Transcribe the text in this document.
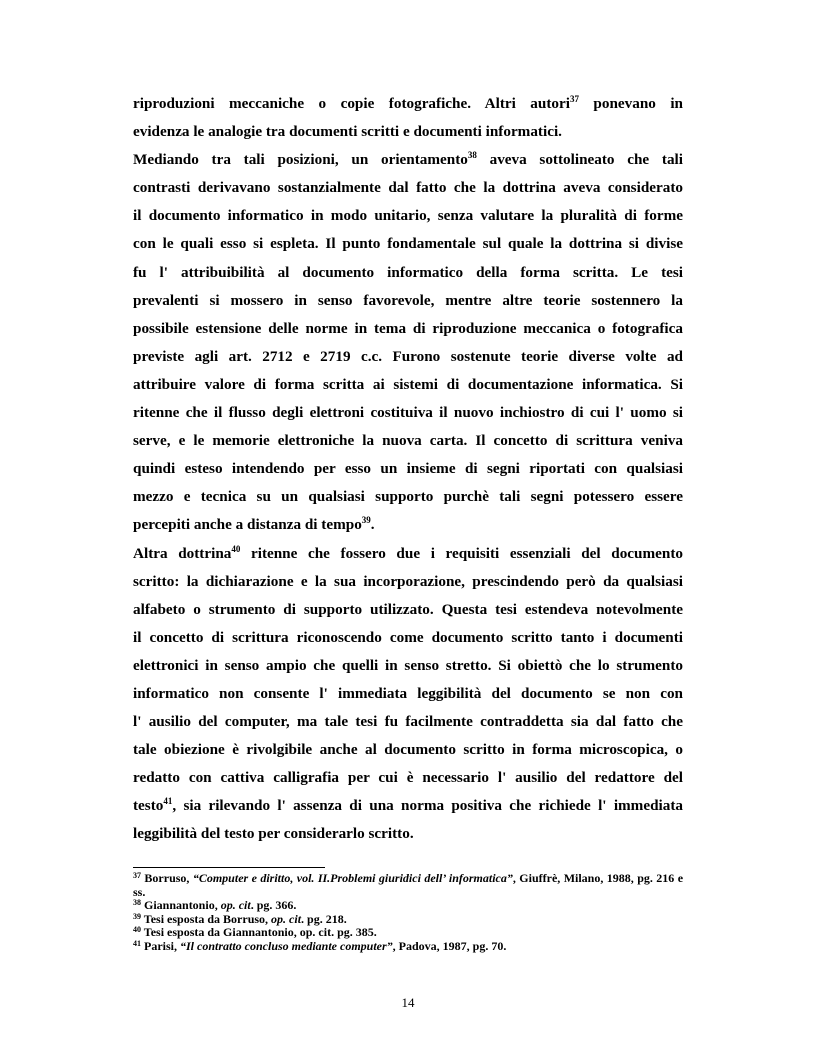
riproduzioni meccaniche o copie fotografiche. Altri autori$^{37}$ ponevano in
evidenza le analogie tra documenti scritti e documenti informatici.
Mediando tra tali posizioni, un orientamento$^{38}$ aveva sottolineato che tali
contrasti derivavano sostanzialmente dal fatto che la dottrina aveva considerato
il documento informatico in modo unitario, senza valutare la pluralità di forme
con le quali esso si espleta. Il punto fondamentale sul quale la dottrina si divise
fu l' attribuibilità al documento informatico della forma scritta. Le tesi
prevalenti si mossero in senso favorevole, mentre altre teorie sostennero la
possibile estensione delle norme in tema di riproduzione meccanica o fotografica
previste agli art. 2712 e 2719 c.c. Furono sostenute teorie diverse volte ad
attribuire valore di forma scritta ai sistemi di documentazione informatica. Si
ritenne che il flusso degli elettroni costituiva il nuovo inchiostro di cui l' uomo si
serve, e le memorie elettroniche la nuova carta. Il concetto di scrittura veniva
quindi esteso intendendo per esso un insieme di segni riportati con qualsiasi
mezzo e tecnica su un qualsiasi supporto purchè tali segni potessero essere
percepiti anche a distanza di tempo$^{39}$.
Altra dottrina$^{40}$ ritenne che fossero due i requisiti essenziali del documento
scritto: la dichiarazione e la sua incorporazione, prescindendo però da qualsiasi
alfabeto o strumento di supporto utilizzato. Questa tesi estendeva notevolmente
il concetto di scrittura riconoscendo come documento scritto tanto i documenti
elettronici in senso ampio che quelli in senso stretto. Si obiettò che lo strumento
informatico non consente l' immediata leggibilità del documento se non con
l' ausilio del computer, ma tale tesi fu facilmente contraddetta sia dal fatto che
tale obiezione è rivolgibile anche al documento scritto in forma microscopica, o
redatto con cattiva calligrafia per cui è necessario l' ausilio del redattore del
testo$^{41}$, sia rilevando l' assenza di una norma positiva che richiede l' immediata
leggibilità del testo per considerarlo scritto.

$^{37}$ Borruso, “Computer e diritto, vol. II.Problemi giuridici dell’ informatica”, Giuffrè, Milano, 1988, pg. 216 e ss.

$^{38}$ Giannantonio, op. cit. pg. 366.

$^{39}$ Tesi esposta da Borruso, op. cit. pg. 218.

$^{40}$ Tesi esposta da Giannantonio, op. cit. pg. 385.

$^{41}$ Parisi, “Il contratto concluso mediante computer”, Padova, 1987, pg. 70.

14
